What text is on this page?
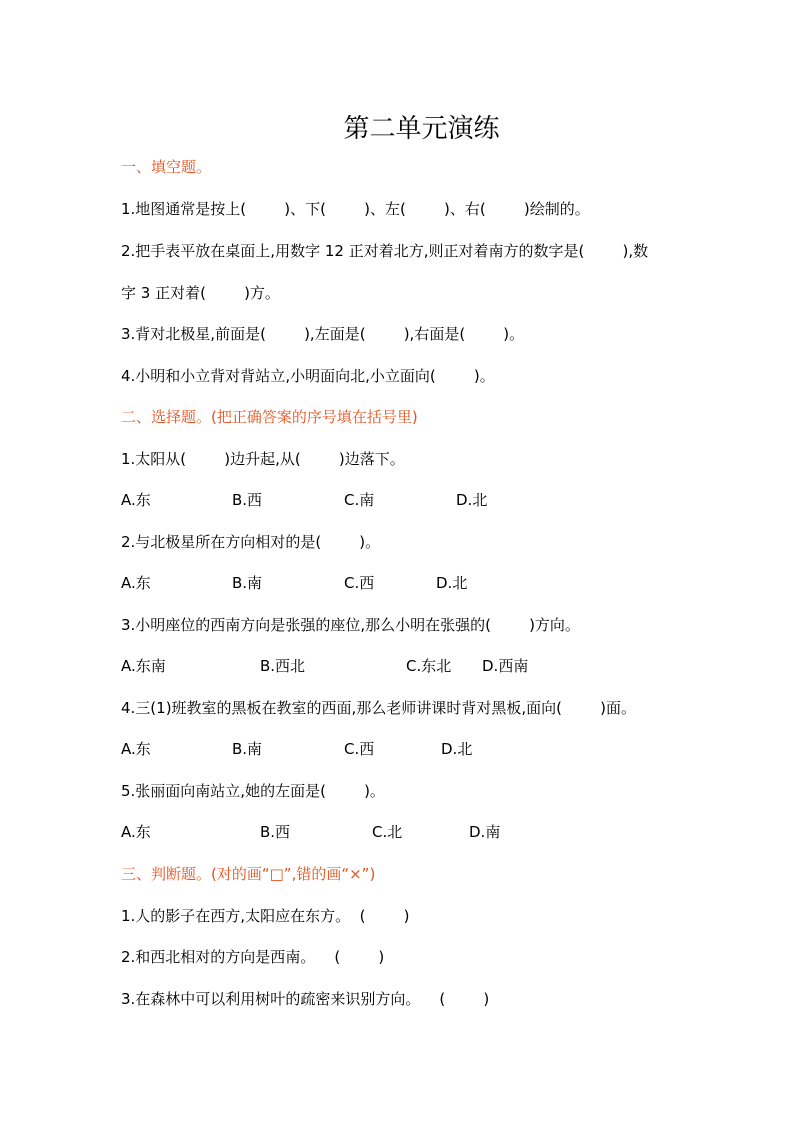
第二单元演练
一、填空题。
1.地图通常是按上(        )、下(        )、左(        )、右(        )绘制的。
2.把手表平放在桌面上,用数字 12 正对着北方,则正对着南方的数字是(        ),数
字 3 正对着(        )方。
3.背对北极星,前面是(        ),左面是(        ),右面是(        )。
4.小明和小立背对背站立,小明面向北,小立面向(        )。
二、选择题。(把正确答案的序号填在括号里)
1.太阳从(        )边升起,从(        )边落下。
A.东	B.西	C.南	D.北
2.与北极星所在方向相对的是(        )。
A.东	B.南	C.西	D.北
3.小明座位的西南方向是张强的座位,那么小明在张强的(        )方向。
A.东南	B.西北	C.东北 D.西南
4.三(1)班教室的黑板在教室的西面,那么老师讲课时背对黑板,面向(        )面。
A.东	B.南	C.西	D.北
5.张丽面向南站立,她的左面是(        )。
A.东	B.西	C.北	D.南
三、判断题。(对的画“□”,错的画“×”)
1.人的影子在西方,太阳应在东方。  (        )
2.和西北相对的方向是西南。    (        )
3.在森林中可以利用树叶的疏密来识别方向。    (        )
